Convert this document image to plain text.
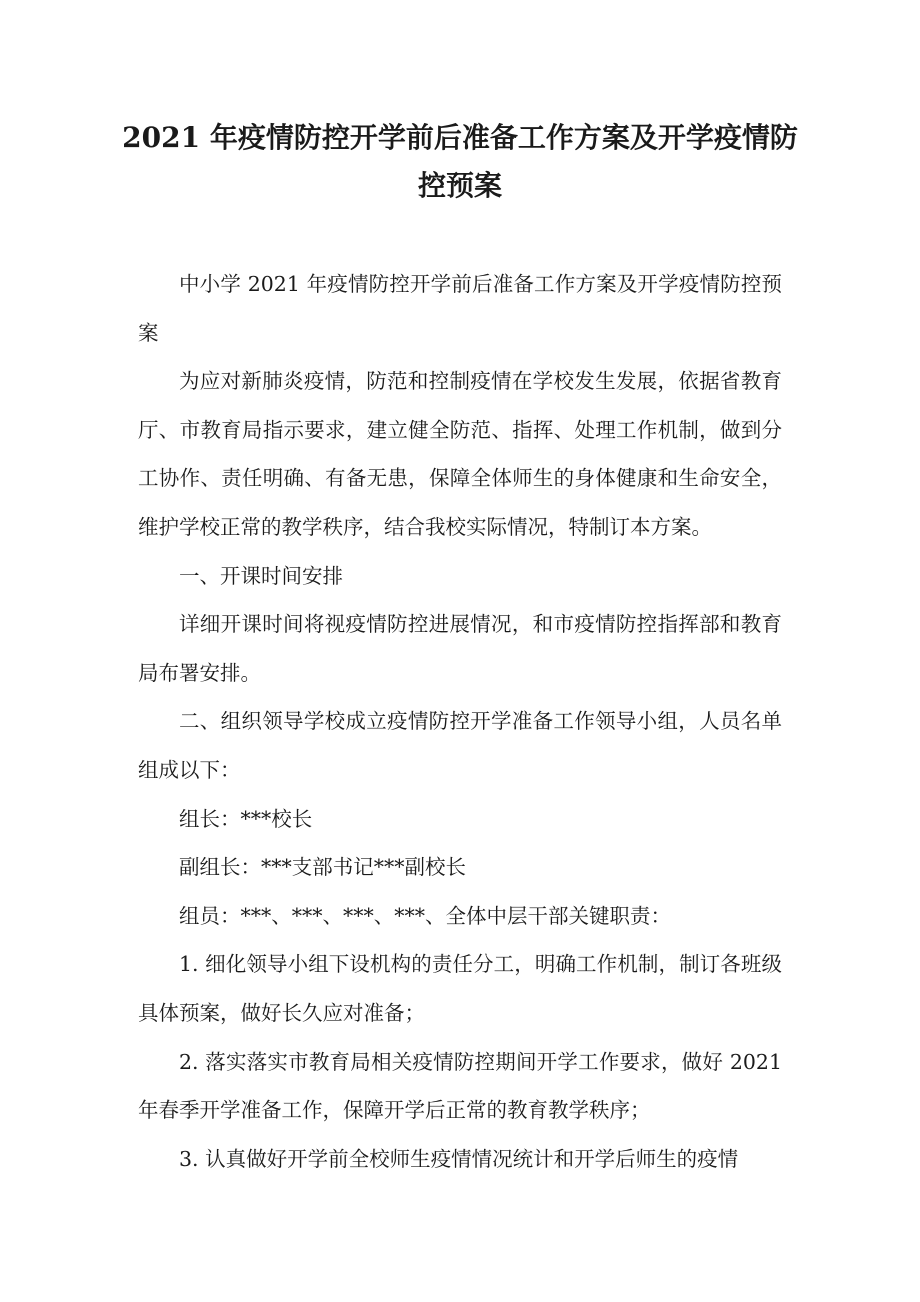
2021 年疫情防控开学前后准备工作方案及开学疫情防控预案

中小学 2021 年疫情防控开学前后准备工作方案及开学疫情防控预案

为应对新肺炎疫情，防范和控制疫情在学校发生发展，依据省教育厅、市教育局指示要求，建立健全防范、指挥、处理工作机制，做到分工协作、责任明确、有备无患，保障全体师生的身体健康和生命安全，维护学校正常的教学秩序，结合我校实际情况，特制订本方案。

一、开课时间安排

详细开课时间将视疫情防控进展情况，和市疫情防控指挥部和教育局布署安排。

二、组织领导学校成立疫情防控开学准备工作领导小组，人员名单组成以下：

组长：***校长

副组长：***支部书记***副校长

组员：***、***、***、***、全体中层干部关键职责：

1. 细化领导小组下设机构的责任分工，明确工作机制，制订各班级具体预案，做好长久应对准备；

2. 落实落实市教育局相关疫情防控期间开学工作要求，做好 2021 年春季开学准备工作，保障开学后正常的教育教学秩序；

3. 认真做好开学前全校师生疫情情况统计和开学后师生的疫情
